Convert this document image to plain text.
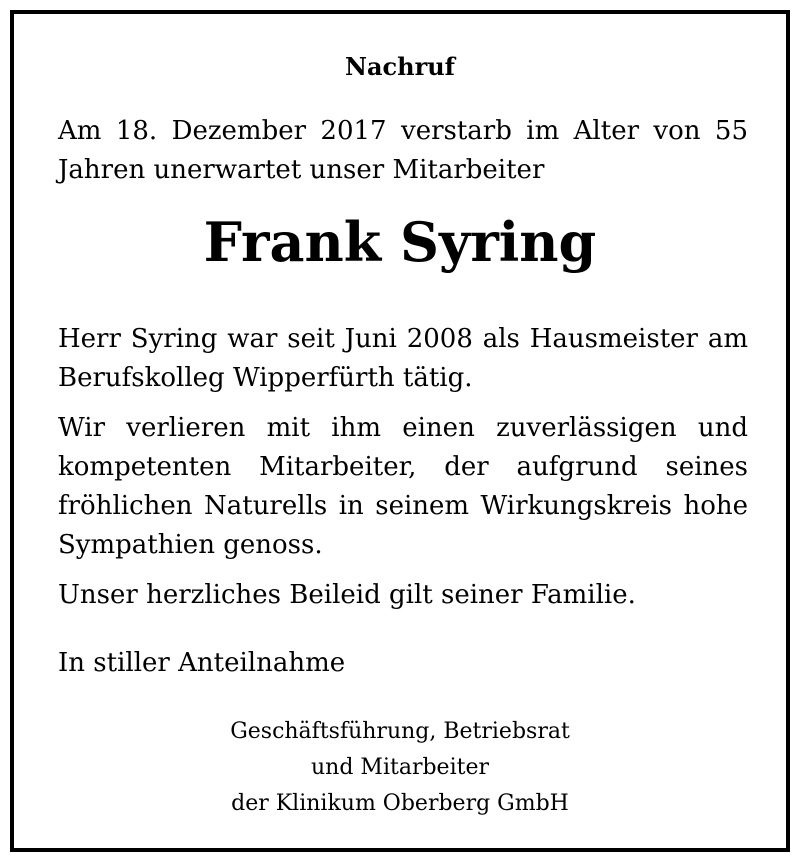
Nachruf
Am 18. Dezember 2017 verstarb im Alter von 55 Jahren unerwartet unser Mitarbeiter
Frank Syring
Herr Syring war seit Juni 2008 als Hausmeister am Berufskolleg Wipperfürth tätig.
Wir verlieren mit ihm einen zuverlässigen und kompetenten Mitarbeiter, der aufgrund seines fröhlichen Naturells in seinem Wirkungskreis hohe Sympathien genoss.
Unser herzliches Beileid gilt seiner Familie.
In stiller Anteilnahme
Geschäftsführung, Betriebsrat
und Mitarbeiter
der Klinikum Oberberg GmbH
